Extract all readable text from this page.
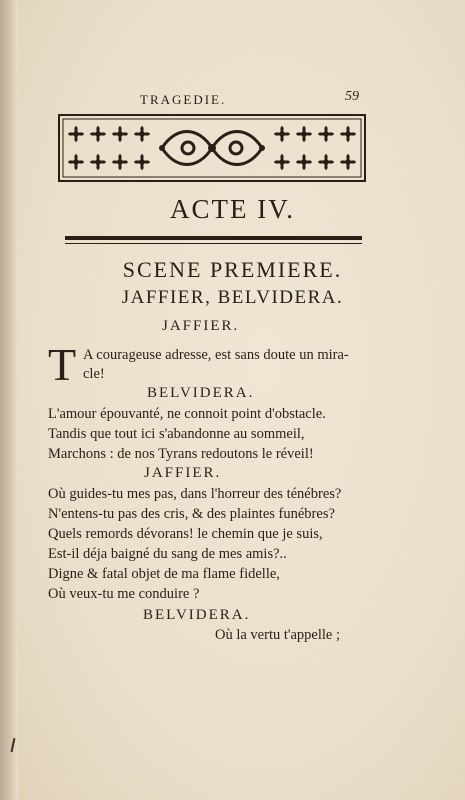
TRAGEDIE.	59
ACTE IV.
SCENE PREMIERE.
JAFFIER, BELVIDERA.
JAFFIER.
T A courageuse adresse, est sans doute un mira-
cle!
BELVIDERA.
L'amour épouvanté, ne connoit point d'obstacle.
Tandis que tout ici s'abandonne au sommeil,
Marchons : de nos Tyrans redoutons le réveil!
JAFFIER.
Où guides-tu mes pas, dans l'horreur des ténébres?
N'entens-tu pas des cris, & des plaintes funébres?
Quels remords dévorans! le chemin que je suis,
Est-il déja baigné du sang de mes amis?..
Digne & fatal objet de ma flame fidelle,
Où veux-tu me conduire ?
BELVIDERA.
Où la vertu t'appelle ;
